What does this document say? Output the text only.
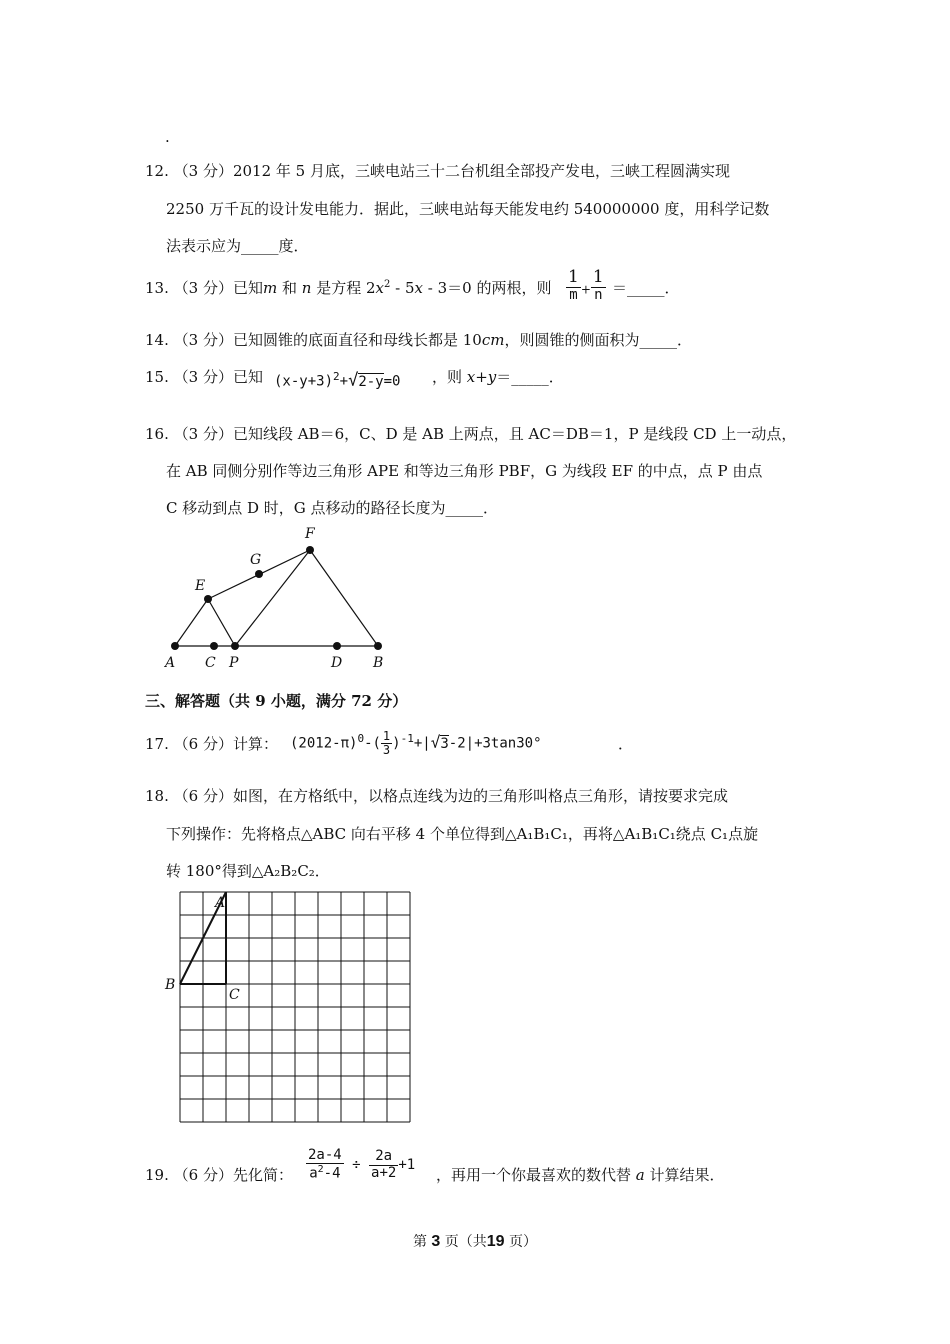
.
12. （3 分）2012 年 5 月底，三峡电站三十二台机组全部投产发电，三峡工程圆满实现
2250 万千瓦的设计发电能力．据此，三峡电站每天能发电约 540000000 度，用科学记数
法表示应为_____度．
13. （3 分）已知m 和 n 是方程 $2x^2 - 5x - 3=0$ 的两根，则 $\frac{1}{m} _+ \frac{1}{n}$ ＝_____．
14. （3 分）已知圆锥的底面直径和母线长都是 10cm，则圆锥的侧面积为_____．
15. （3 分）已知 $(x-y+3)^2+√2-y=0$ ，则 x+y＝_____．
16. （3 分）已知线段 AB＝6，C、D 是 AB 上两点，且 AC＝DB＝1，P 是线段 CD 上一动点，
在 AB 同侧分别作等边三角形 APE 和等边三角形 PBF，G 为线段 EF 的中点，点 P 由点
C 移动到点 D 时，G 点移动的路径长度为_____．
A C P	D B
E
F
G
三、解答题（共 9 小题，满分 72 分）
17. （6 分）计算： $(2012-\pi)^0-( \frac{1}{3} )^{-1}+|√3-2|+3\tan 30^\circ$	．
18. （6 分）如图，在方格纸中，以格点连线为边的三角形叫格点三角形，请按要求完成
下列操作：先将格点△ABC 向右平移 4 个单位得到△A₁B₁C₁，再将△A₁B₁C₁绕点 C₁点旋
转 180°得到△A₂B₂C₂．
A
B
C
19. （6 分）先化简： $\frac{2a-4}{a^2-4} \div \frac{2a}{a+2} +1$
，再用一个你最喜欢的数代替 a 计算结果．
第 3 页（共19 页）
